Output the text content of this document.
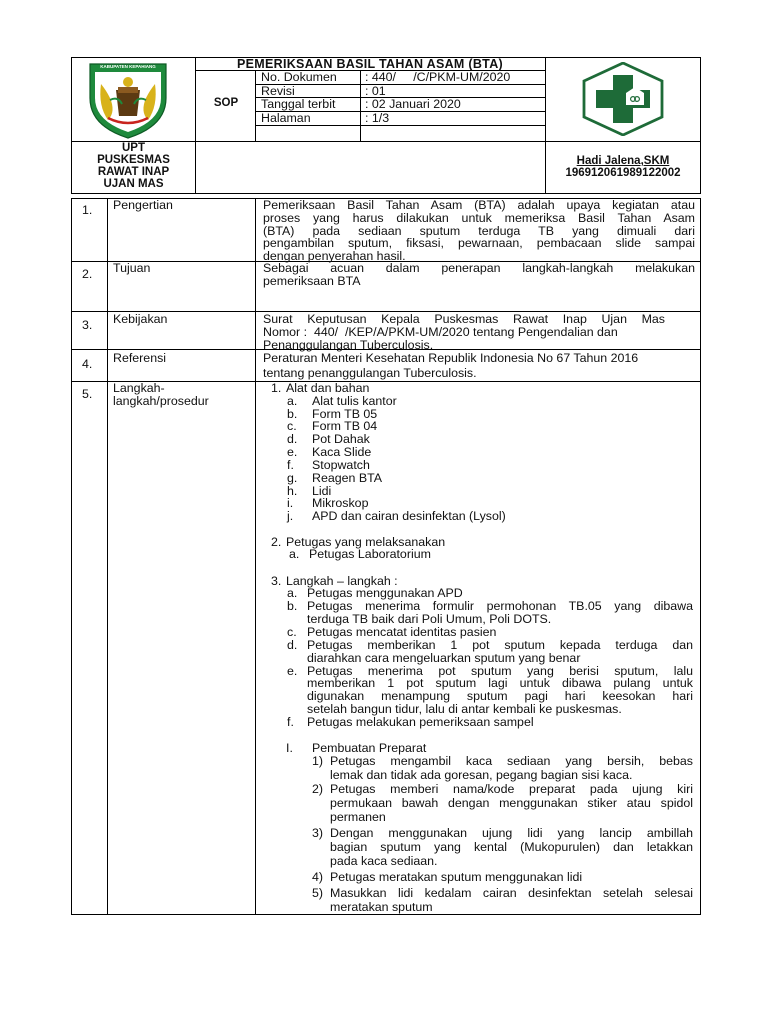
PEMERIKSAAN BASIL TAHAN ASAM (BTA)
SOP
No. Dokumen : 440/     /C/PKM-UM/2020
Revisi	: 01
Tanggal terbit : 02 Januari 2020
Halaman	: 1/3
KABUPATEN KEPAHIANG
UPT
PUSKESMAS
RAWAT INAP
UJAN MAS
Hadi Jalena,SKM
196912061989122002
1. Pengertian	Pemeriksaan Basil Tahan Asam (BTA) adalah upaya kegiatan atau
proses yang harus dilakukan untuk memeriksa Basil Tahan Asam
(BTA) pada sediaan sputum terduga TB yang dimuali dari
pengambilan sputum, fiksasi, pewarnaan, pembacaan slide sampai
dengan penyerahan hasil.
2. Tujuan	Sebagai acuan dalam penerapan langkah-langkah melakukan
pemeriksaan BTA
3. Kebijakan	Surat Keputusan Kepala Puskesmas Rawat Inap Ujan Mas
Nomor :  440/  /KEP/A/PKM-UM/2020 tentang Pengendalian dan
Penanggulangan Tuberculosis.
4. Referensi	Peraturan Menteri Kesehatan Republik Indonesia No 67 Tahun 2016
tentang penanggulangan Tuberculosis.
5. Langkah-
langkah/prosedur
1. Alat dan bahan
a. Alat tulis kantor
b. Form TB 05
c. Form TB 04
d. Pot Dahak
e. Kaca Slide
f. Stopwatch
g. Reagen BTA
h. Lidi
i. Mikroskop
j. APD dan cairan desinfektan (Lysol)
2. Petugas yang melaksanakan
a. Petugas Laboratorium
3. Langkah – langkah :
a. Petugas menggunakan APD
b. Petugas menerima formulir permohonan TB.05 yang dibawa
terduga TB baik dari Poli Umum, Poli DOTS.
c. Petugas mencatat identitas pasien
d. Petugas memberikan 1 pot sputum kepada terduga dan
diarahkan cara mengeluarkan sputum yang benar
e. Petugas menerima pot sputum yang berisi sputum, lalu
memberikan 1 pot sputum lagi untuk dibawa pulang untuk
digunakan menampung sputum pagi hari keesokan hari
setelah bangun tidur, lalu di antar kembali ke puskesmas.
f. Petugas melakukan pemeriksaan sampel
I. Pembuatan Preparat
1) Petugas mengambil kaca sediaan yang bersih, bebas
lemak dan tidak ada goresan, pegang bagian sisi kaca.
2) Petugas memberi nama/kode preparat pada ujung kiri
permukaan bawah dengan menggunakan stiker atau spidol
permanen
3) Dengan menggunakan ujung lidi yang lancip ambillah
bagian sputum yang kental (Mukopurulen) dan letakkan
pada kaca sediaan.
4) Petugas meratakan sputum menggunakan lidi
5) Masukkan lidi kedalam cairan desinfektan setelah selesai
meratakan sputum
